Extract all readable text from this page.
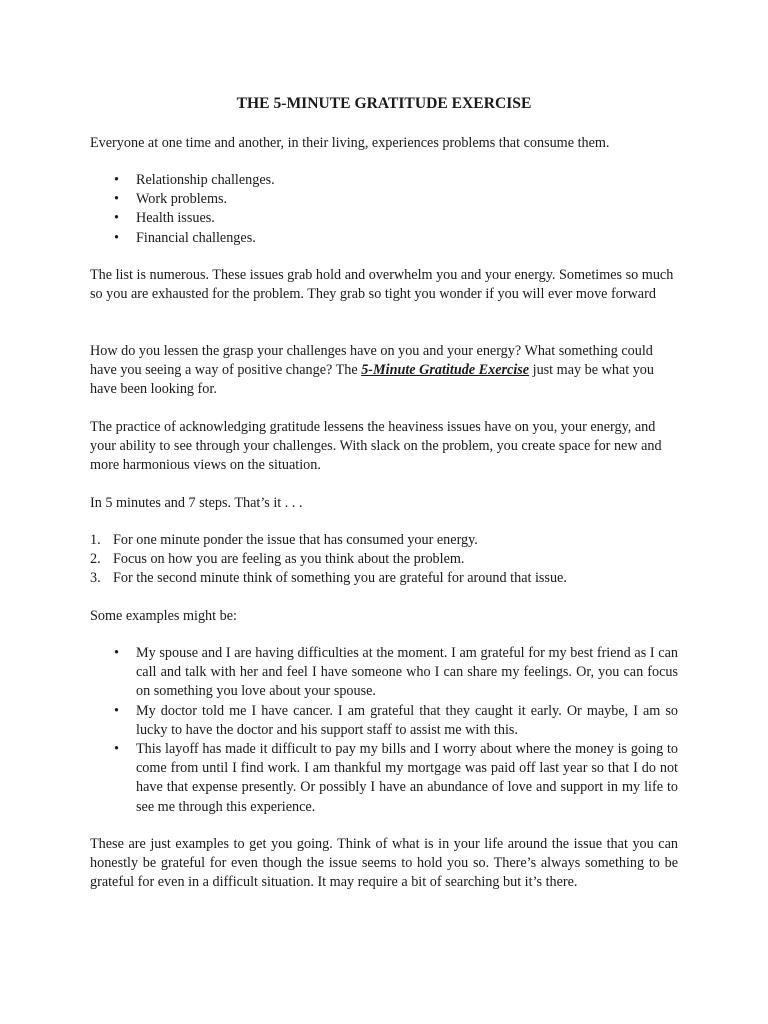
THE 5-MINUTE GRATITUDE EXERCISE

Everyone at one time and another, in their living, experiences problems that consume them.

• Relationship challenges.
• Work problems.
• Health issues.
• Financial challenges.

The list is numerous. These issues grab hold and overwhelm you and your energy. Sometimes so much so you are exhausted for the problem. They grab so tight you wonder if you will ever move forward

How do you lessen the grasp your challenges have on you and your energy? What something could have you seeing a way of positive change? The 5-Minute Gratitude Exercise just may be what you have been looking for.

The practice of acknowledging gratitude lessens the heaviness issues have on you, your energy, and your ability to see through your challenges. With slack on the problem, you create space for new and more harmonious views on the situation.

In 5 minutes and 7 steps. That’s it . . .

1. For one minute ponder the issue that has consumed your energy.
2. Focus on how you are feeling as you think about the problem.
3. For the second minute think of something you are grateful for around that issue.

Some examples might be:

• My spouse and I are having difficulties at the moment. I am grateful for my best friend as I can call and talk with her and feel I have someone who I can share my feelings. Or, you can focus on something you love about your spouse.
• My doctor told me I have cancer. I am grateful that they caught it early. Or maybe, I am so lucky to have the doctor and his support staff to assist me with this.
• This layoff has made it difficult to pay my bills and I worry about where the money is going to come from until I find work. I am thankful my mortgage was paid off last year so that I do not have that expense presently. Or possibly I have an abundance of love and support in my life to see me through this experience.

These are just examples to get you going. Think of what is in your life around the issue that you can honestly be grateful for even though the issue seems to hold you so. There’s always something to be grateful for even in a difficult situation. It may require a bit of searching but it’s there.
